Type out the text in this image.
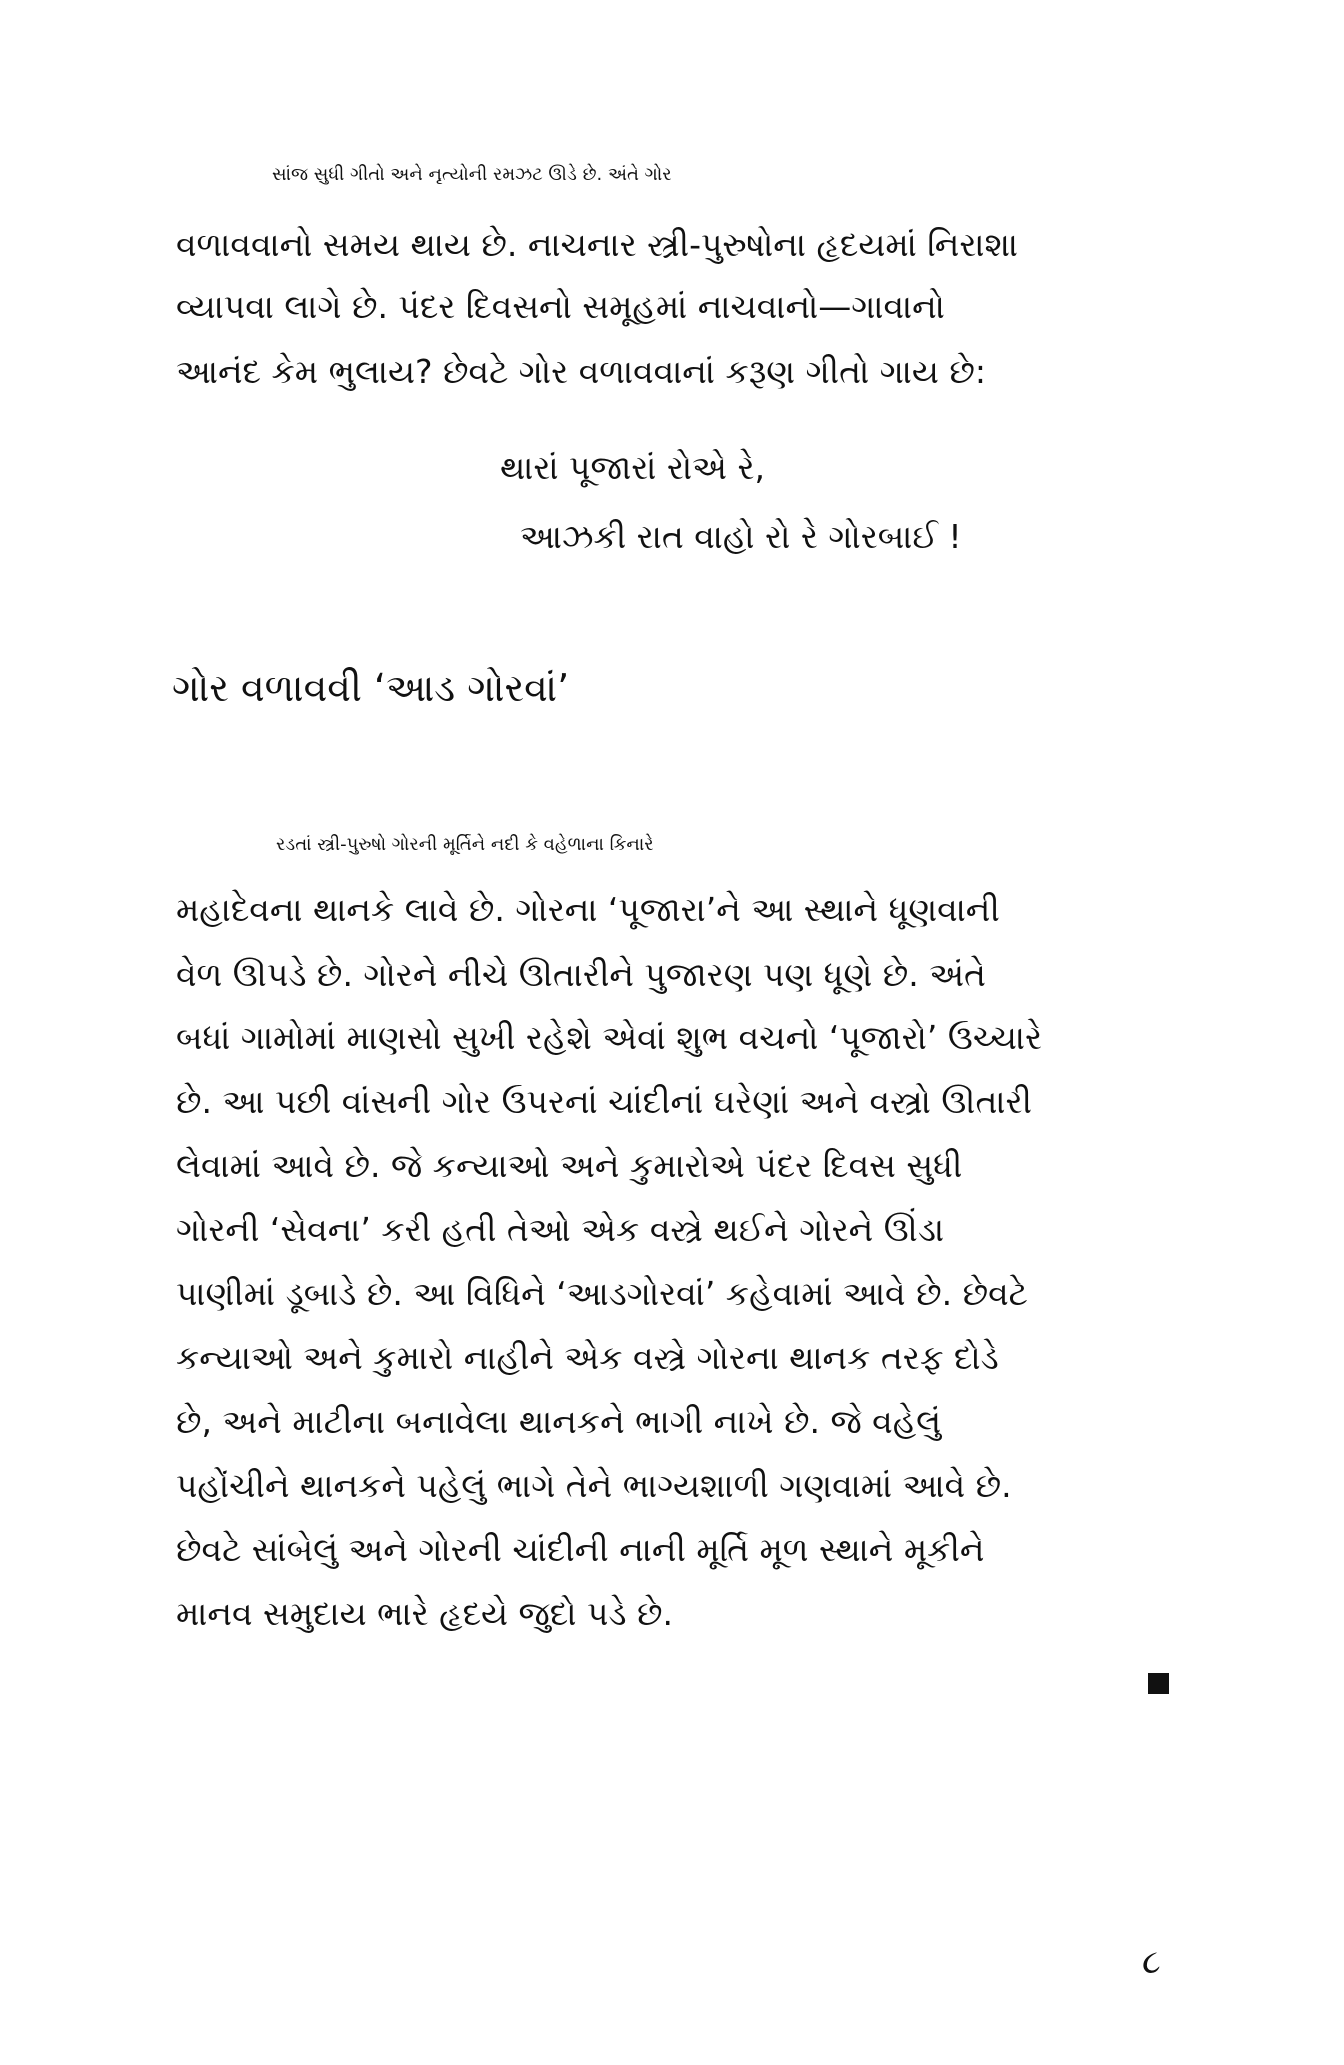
સાંજ સુધી ગીતો અને નૃત્યોની રમઝટ ઊડે છે. અંતે ગોર
વળાવવાનો સમય થાય છે. નાચનાર સ્ત્રી-પુરુષોના હૃદયમાં નિરાશા
વ્યાપવા લાગે છે. પંદર દિવસનો સમૂહમાં નાચવાનો—ગાવાનો
આનંદ કેમ ભુલાય? છેવટે ગોર વળાવવાનાં કરૂણ ગીતો ગાય છે:
થારાં પૂજારાં રોએ રે,
આઝકી રાત વાહો રો રે ગોરબાઈ !
ગોર વળાવવી ‘આડ ગોરવાં’
રડતાં સ્ત્રી-પુરુષો ગોરની મૂર્તિને નદી કે વહેળાના કિનારે
મહાદેવના થાનકે લાવે છે. ગોરના ‘પૂજારા’ને આ સ્થાને ધૂણવાની
વેળ ઊપડે છે. ગોરને નીચે ઊતારીને પુજારણ પણ ધૂણે છે. અંતે
બધાં ગામોમાં માણસો સુખી રહેશે એવાં શુભ વચનો ‘પૂજારો’ ઉચ્ચારે
છે. આ પછી વાંસની ગોર ઉપરનાં ચાંદીનાં ઘરેણાં અને વસ્ત્રો ઊતારી
લેવામાં આવે છે. જે કન્યાઓ અને કુમારોએ પંદર દિવસ સુધી
ગોરની ‘સેવના’ કરી હતી તેઓ એક વસ્ત્રે થઈને ગોરને ઊંડા
પાણીમાં ડૂબાડે છે. આ વિધિને ‘આડગોરવાં’ કહેવામાં આવે છે. છેવટે
કન્યાઓ અને કુમારો નાહીને એક વસ્ત્રે ગોરના થાનક તરફ દોડે
છે, અને માટીના બનાવેલા થાનકને ભાગી નાખે છે. જે વહેલું
પહોંચીને થાનકને પહેલું ભાગે તેને ભાગ્યશાળી ગણવામાં આવે છે.
છેવટે સાંબેલું અને ગોરની ચાંદીની નાની મૂર્તિ મૂળ સ્થાને મૂકીને
માનવ સમુદાય ભારે હૃદયે જુદો પડે છે.
૮
